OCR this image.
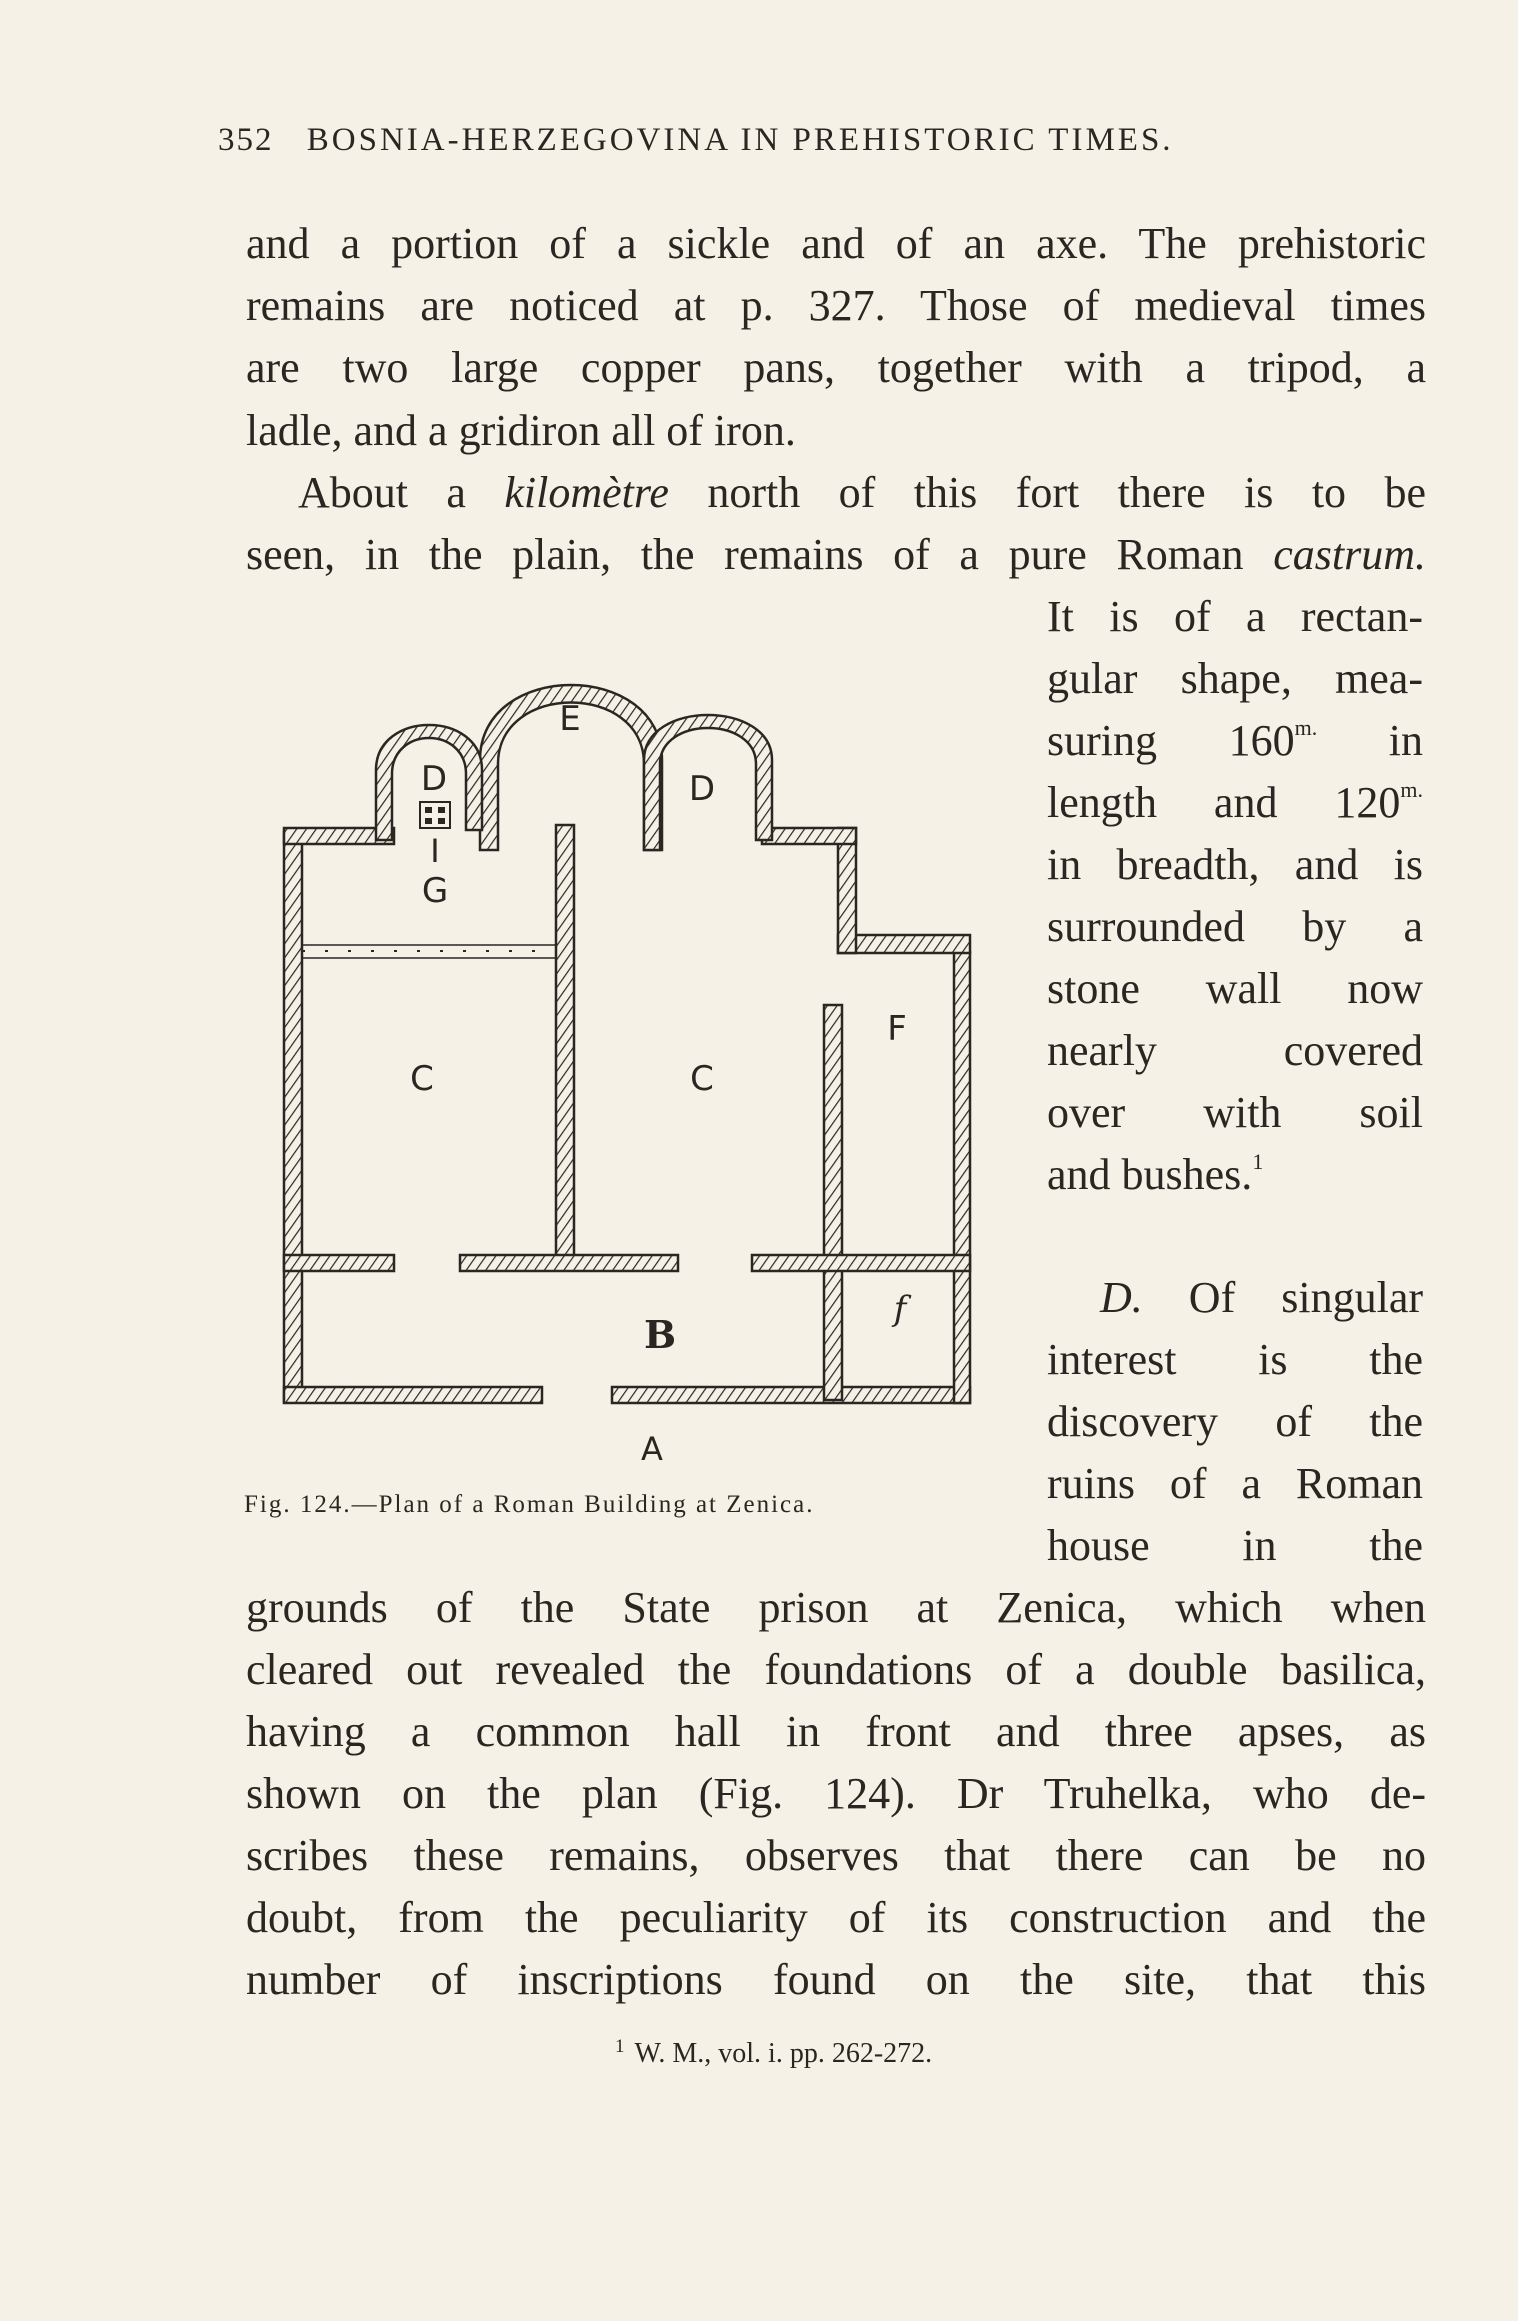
352 BOSNIA-HERZEGOVINA IN PREHISTORIC TIMES.
and a portion of a sickle and of an axe. The prehistoric
remains are noticed at p. 327. Those of medieval times
are two large copper pans, together with a tripod, a
ladle, and a gridiron all of iron.
About a kilomètre north of this fort there is to be
seen, in the plain, the remains of a pure Roman castrum.
It is of a rectan-
gular shape, mea-
suring $160^{m.}$ in
length and $120^{m.}$
in breadth, and is
surrounded by a
stone wall now
nearly covered
over with soil
and bushes.$^1$
D. Of singular
interest is the
discovery of the
ruins of a Roman
house in the
grounds of the State prison at Zenica, which when
cleared out revealed the foundations of a double basilica,
having a common hall in front and three apses, as
shown on the plan (Fig. 124). Dr Truhelka, who de-
scribes these remains, observes that there can be no
doubt, from the peculiarity of its construction and the
number of inscriptions found on the site, that this
E
D
I
G
D
C	C
F
f
B
A
Fig. 124.—Plan of a Roman Building at Zenica.
$^1$ W. M., vol. i. pp. 262-272.
